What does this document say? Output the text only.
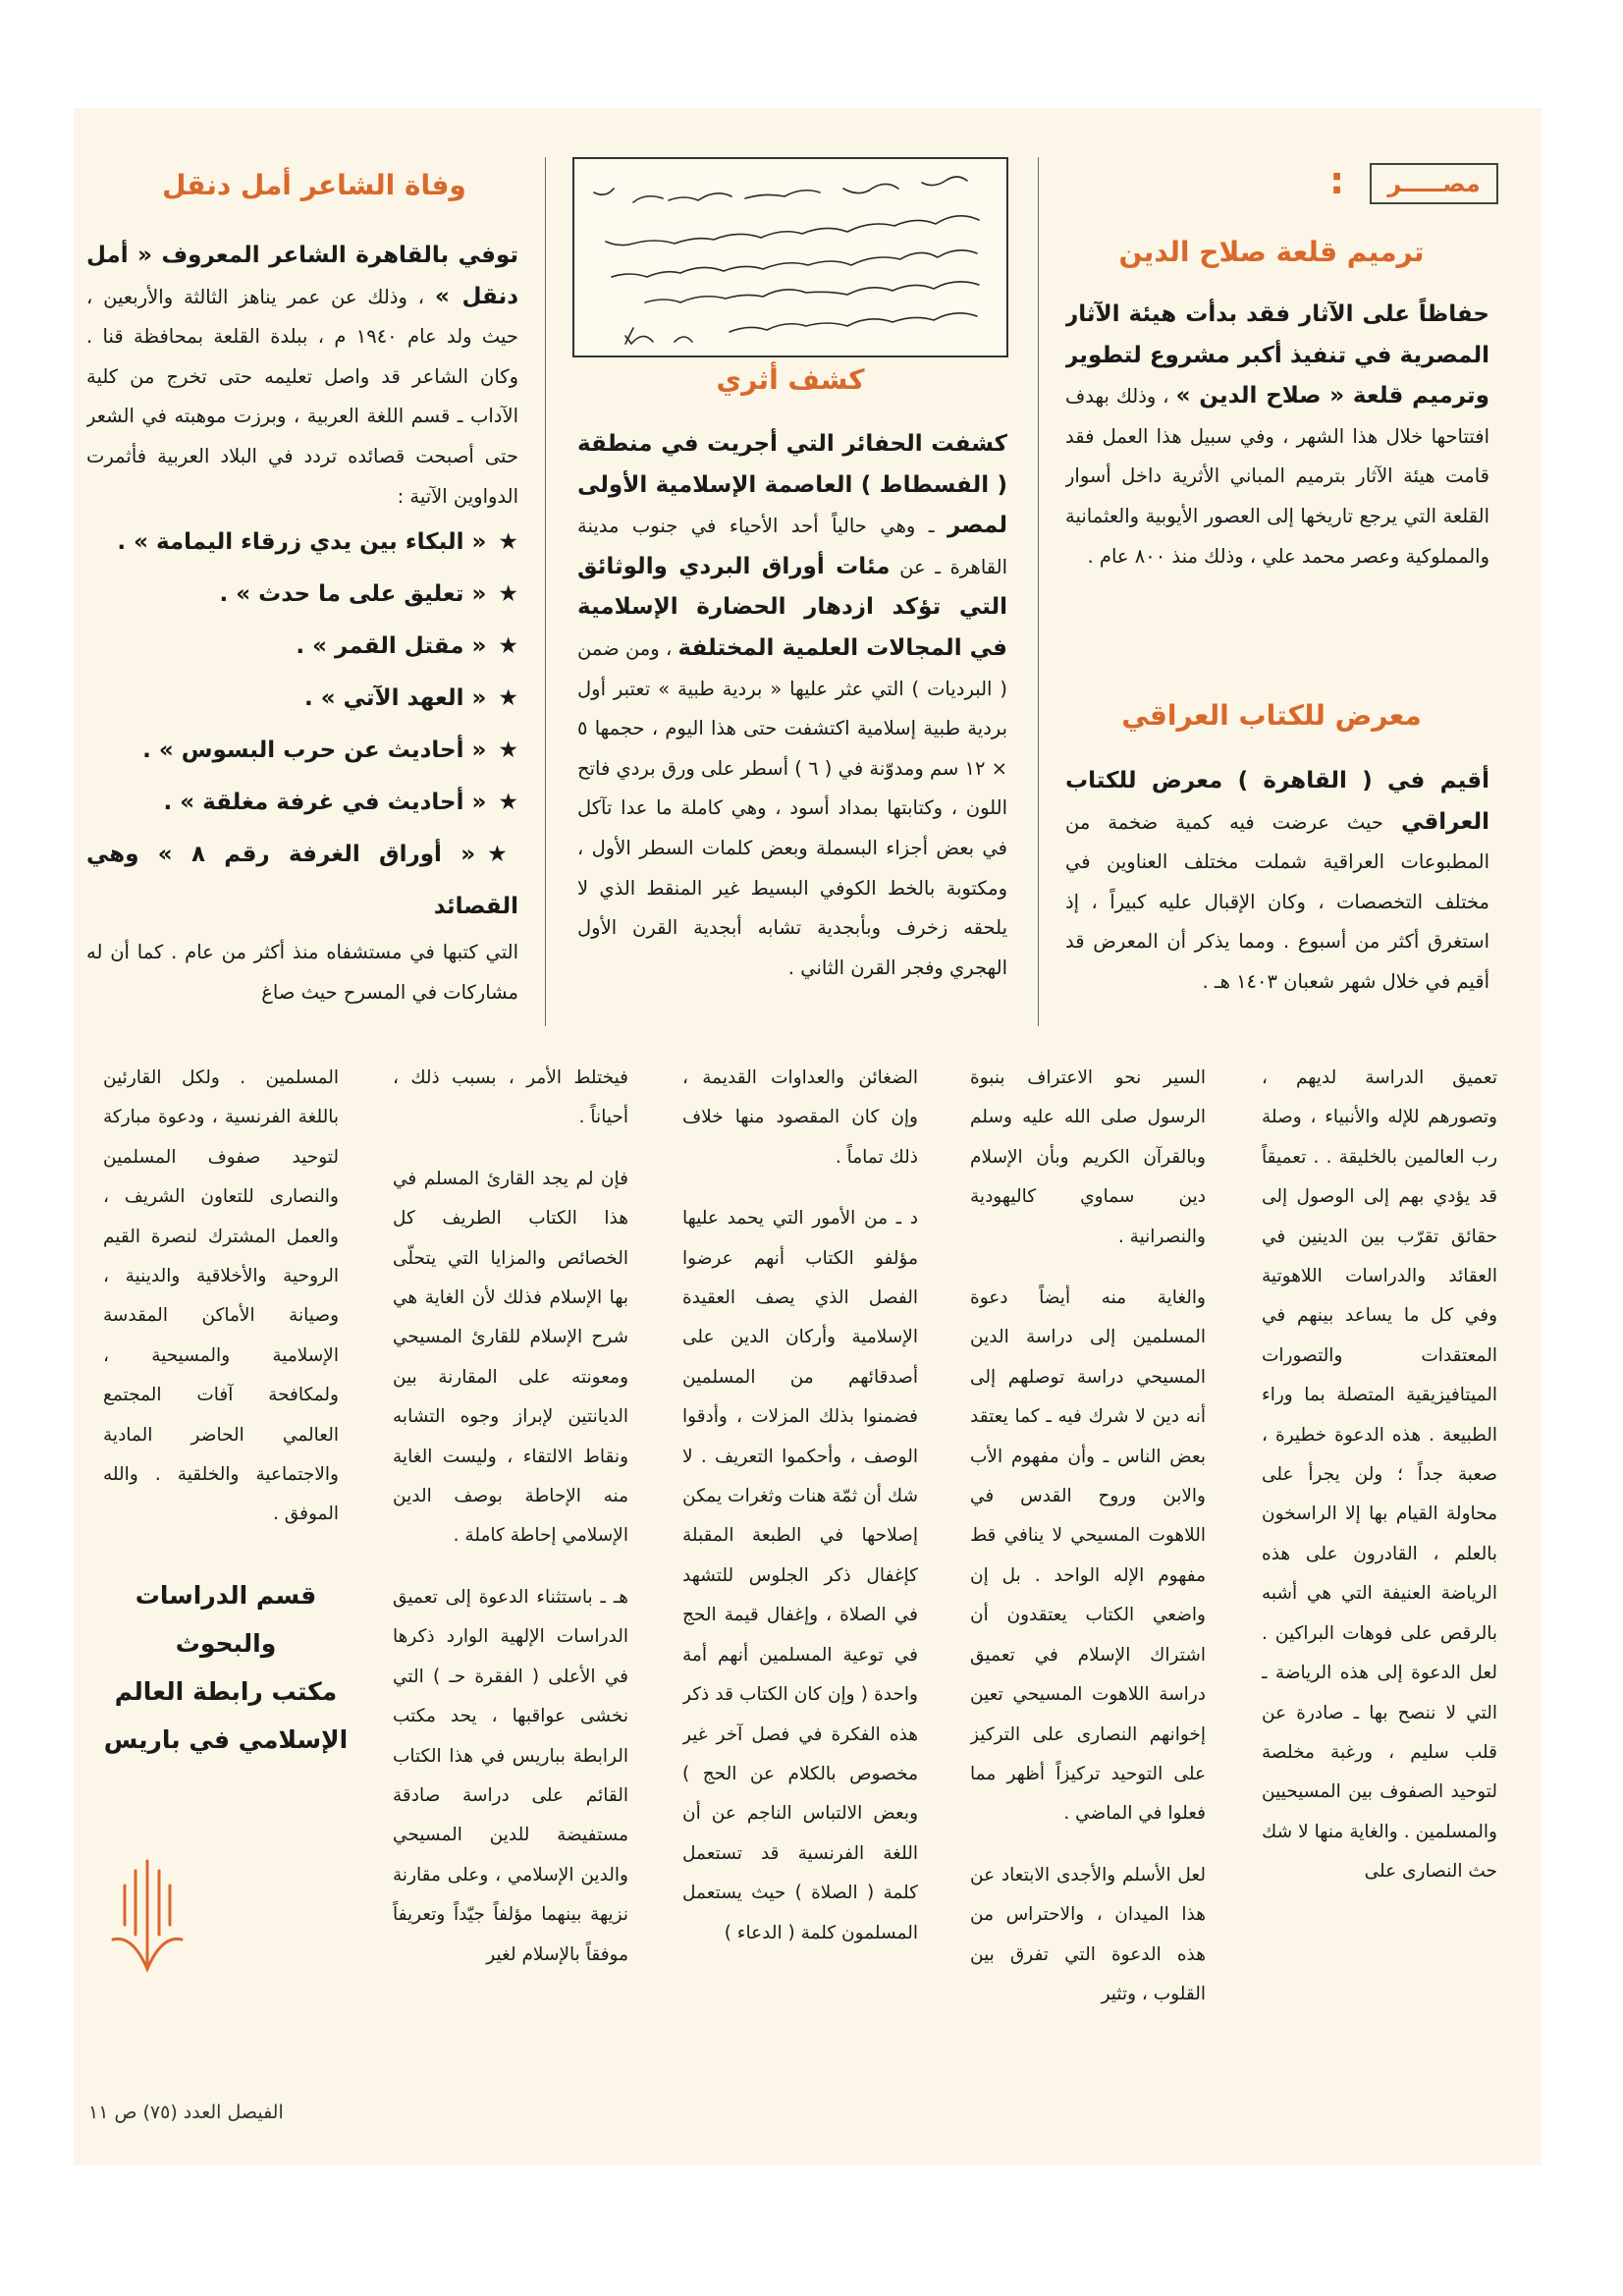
مصـــــر
:
ترميم قلعة صلاح الدين

حفاظاً على الآثار فقد بدأت هيئة الآثار المصرية في تنفيذ أكبر مشروع لتطوير وترميم قلعة « صلاح الدين » ، وذلك بهدف افتتاحها خلال هذا الشهر ، وفي سبيل هذا العمل فقد قامت هيئة الآثار بترميم المباني الأثرية داخل أسوار القلعة التي يرجع تاريخها إلى العصور الأيوبية والعثمانية والمملوكية وعصر محمد علي ، وذلك منذ ٨٠٠ عام .

معرض للكتاب العراقي

أقيم في ( القاهرة ) معرض للكتاب العراقي حيث عرضت فيه كمية ضخمة من المطبوعات العراقية شملت مختلف العناوين في مختلف التخصصات ، وكان الإقبال عليه كبيراً ، إذ استغرق أكثر من أسبوع . ومما يذكر أن المعرض قد أقيم في خلال شهر شعبان ١٤٠٣ هـ .

كشف أثري

كشفت الحفائر التي أجريت في منطقة ( الفسطاط ) العاصمة الإسلامية الأولى لمصر ـ وهي حالياً أحد الأحياء في جنوب مدينة القاهرة ـ عن مئات أوراق البردي والوثائق التي تؤكد ازدهار الحضارة الإسلامية في المجالات العلمية المختلفة ، ومن ضمن ( البرديات ) التي عثر عليها « بردية طبية » تعتبر أول بردية طبية إسلامية اكتشفت حتى هذا اليوم ، حجمها ٥ × ١٢ سم ومدوّنة في ( ٦ ) أسطر على ورق بردي فاتح اللون ، وكتابتها بمداد أسود ، وهي كاملة ما عدا تآكل في بعض أجزاء البسملة وبعض كلمات السطر الأول ، ومكتوبة بالخط الكوفي البسيط غير المنقط الذي لا يلحقه زخرف وبأبجدية تشابه أبجدية القرن الأول الهجري وفجر القرن الثاني .

وفاة الشاعر أمل دنقل

توفي بالقاهرة الشاعر المعروف « أمل دنقل » ، وذلك عن عمر يناهز الثالثة والأربعين ، حيث ولد عام ١٩٤٠ م ، ببلدة القلعة بمحافظة قنا . وكان الشاعر قد واصل تعليمه حتى تخرج من كلية الآداب ـ قسم اللغة العربية ، وبرزت موهبته في الشعر حتى أصبحت قصائده تردد في البلاد العربية فأثمرت الدواوين الآتية :

★« البكاء بين يدي زرقاء اليمامة » .
★« تعليق على ما حدث » .
★« مقتل القمر » .
★« العهد الآتي » .
★« أحاديث عن حرب البسوس » .
★« أحاديث في غرفة مغلقة » .
★« أوراق الغرفة رقم ٨ » وهي القصائد

التي كتبها في مستشفاه منذ أكثر من عام . كما أن له مشاركات في المسرح حيث صاغ

تعميق الدراسة لديهم ، وتصورهم للإله والأنبياء ، وصلة رب العالمين بالخليقة . . تعميقاً قد يؤدي بهم إلى الوصول إلى حقائق تقرّب بين الدينين في العقائد والدراسات اللاهوتية وفي كل ما يساعد بينهم في المعتقدات والتصورات الميتافيزيقية المتصلة بما وراء الطبيعة . هذه الدعوة خطيرة ، صعبة جداً ؛ ولن يجرأ على محاولة القيام بها إلا الراسخون بالعلم ، القادرون على هذه الرياضة العنيفة التي هي أشبه بالرقص على فوهات البراكين . لعل الدعوة إلى هذه الرياضة ـ التي لا ننصح بها ـ صادرة عن قلب سليم ، ورغبة مخلصة لتوحيد الصفوف بين المسيحيين والمسلمين . والغاية منها لا شك حث النصارى على

السير نحو الاعتراف بنبوة الرسول صلى الله عليه وسلم وبالقرآن الكريم وبأن الإسلام دين سماوي كاليهودية والنصرانية .

والغاية منه أيضاً دعوة المسلمين إلى دراسة الدين المسيحي دراسة توصلهم إلى أنه دين لا شرك فيه ـ كما يعتقد بعض الناس ـ وأن مفهوم الأب والابن وروح القدس في اللاهوت المسيحي لا ينافي قط مفهوم الإله الواحد . بل إن واضعي الكتاب يعتقدون أن اشتراك الإسلام في تعميق دراسة اللاهوت المسيحي تعين إخوانهم النصارى على التركيز على التوحيد تركيزاً أظهر مما فعلوا في الماضي .

لعل الأسلم والأجدى الابتعاد عن هذا الميدان ، والاحتراس من هذه الدعوة التي تفرق بين القلوب ، وتثير

الضغائن والعداوات القديمة ، وإن كان المقصود منها خلاف ذلك تماماً .

د ـ من الأمور التي يحمد عليها مؤلفو الكتاب أنهم عرضوا الفصل الذي يصف العقيدة الإسلامية وأركان الدين على أصدقائهم من المسلمين فضمنوا بذلك المزلات ، وأدقوا الوصف ، وأحكموا التعريف . لا شك أن ثمّة هنات وثغرات يمكن إصلاحها في الطبعة المقبلة كإغفال ذكر الجلوس للتشهد في الصلاة ، وإغفال قيمة الحج في توعية المسلمين أنهم أمة واحدة ( وإن كان الكتاب قد ذكر هذه الفكرة في فصل آخر غير مخصوص بالكلام عن الحج ) وبعض الالتباس الناجم عن أن اللغة الفرنسية قد تستعمل كلمة ( الصلاة ) حيث يستعمل المسلمون كلمة ( الدعاء )

فيختلط الأمر ، بسبب ذلك ، أحياناً .

فإن لم يجد القارئ المسلم في هذا الكتاب الطريف كل الخصائص والمزايا التي يتحلّى بها الإسلام فذلك لأن الغاية هي شرح الإسلام للقارئ المسيحي ومعونته على المقارنة بين الديانتين لإبراز وجوه التشابه ونقاط الالتقاء ، وليست الغاية منه الإحاطة بوصف الدين الإسلامي إحاطة كاملة .

هـ ـ باستثناء الدعوة إلى تعميق الدراسات الإلهية الوارد ذكرها في الأعلى ( الفقرة حـ ) التي نخشى عواقبها ، يحد مكتب الرابطة بباريس في هذا الكتاب القائم على دراسة صادقة مستفيضة للدين المسيحي والدين الإسلامي ، وعلى مقارنة نزيهة بينهما مؤلفاً جيّداً وتعريفاً موفقاً بالإسلام لغير

المسلمين . ولكل القارئين باللغة الفرنسية ، ودعوة مباركة لتوحيد صفوف المسلمين والنصارى للتعاون الشريف ، والعمل المشترك لنصرة القيم الروحية والأخلاقية والدينية ، وصيانة الأماكن المقدسة الإسلامية والمسيحية ، ولمكافحة آفات المجتمع العالمي الحاضر المادية والاجتماعية والخلقية . والله الموفق .

قسم الدراسات
والبحوث
مكتب رابطة العالم
الإسلامي في باريس
الفيصل العدد (٧٥) ص ١١
